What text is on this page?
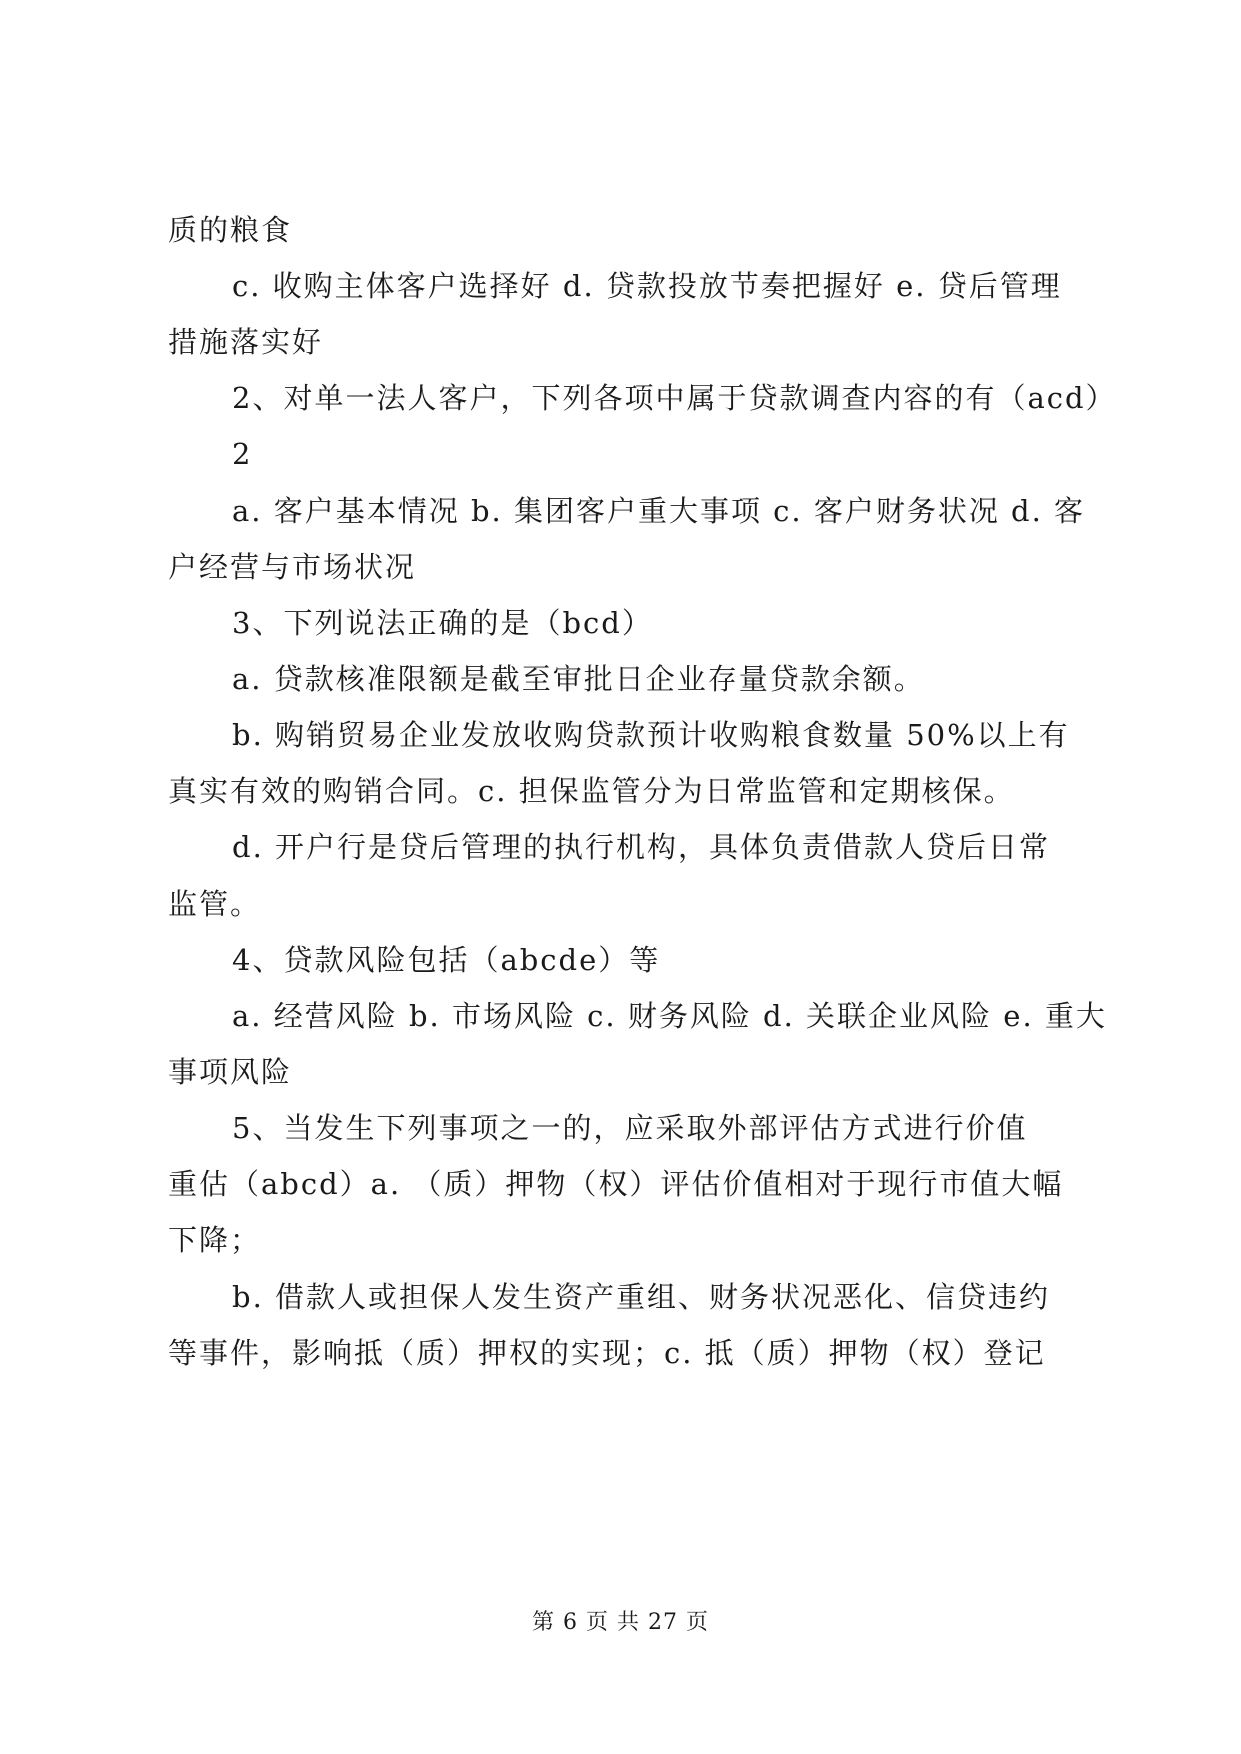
质的粮食
c. 收购主体客户选择好 d. 贷款投放节奏把握好 e. 贷后管理
措施落实好
2、对单一法人客户，下列各项中属于贷款调查内容的有（acd）
2
a. 客户基本情况 b. 集团客户重大事项 c. 客户财务状况 d. 客
户经营与市场状况
3、下列说法正确的是（bcd）
a. 贷款核准限额是截至审批日企业存量贷款余额。
b. 购销贸易企业发放收购贷款预计收购粮食数量 50%以上有
真实有效的购销合同。c. 担保监管分为日常监管和定期核保。
d. 开户行是贷后管理的执行机构，具体负责借款人贷后日常
监管。
4、贷款风险包括（abcde）等
a. 经营风险 b. 市场风险 c. 财务风险 d. 关联企业风险 e. 重大
事项风险
5、当发生下列事项之一的，应采取外部评估方式进行价值
重估（abcd）a. （质）押物（权）评估价值相对于现行市值大幅
下降；
b. 借款人或担保人发生资产重组、财务状况恶化、信贷违约
等事件，影响抵（质）押权的实现；c. 抵（质）押物（权）登记
第 6 页 共 27 页
